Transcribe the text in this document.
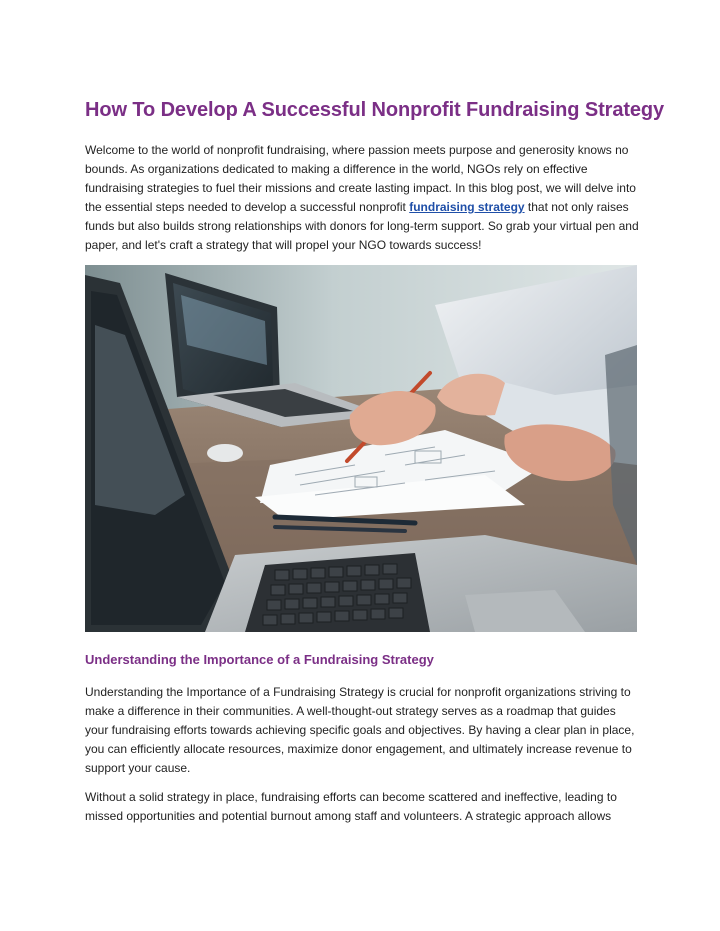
How To Develop A Successful Nonprofit Fundraising Strategy

Welcome to the world of nonprofit fundraising, where passion meets purpose and generosity knows no bounds. As organizations dedicated to making a difference in the world, NGOs rely on effective fundraising strategies to fuel their missions and create lasting impact. In this blog post, we will delve into the essential steps needed to develop a successful nonprofit fundraising strategy that not only raises funds but also builds strong relationships with donors for long-term support. So grab your virtual pen and paper, and let's craft a strategy that will propel your NGO towards success!

Understanding the Importance of a Fundraising Strategy

Understanding the Importance of a Fundraising Strategy is crucial for nonprofit organizations striving to make a difference in their communities. A well-thought-out strategy serves as a roadmap that guides your fundraising efforts towards achieving specific goals and objectives. By having a clear plan in place, you can efficiently allocate resources, maximize donor engagement, and ultimately increase revenue to support your cause.

Without a solid strategy in place, fundraising efforts can become scattered and ineffective, leading to missed opportunities and potential burnout among staff and volunteers. A strategic approach allows
